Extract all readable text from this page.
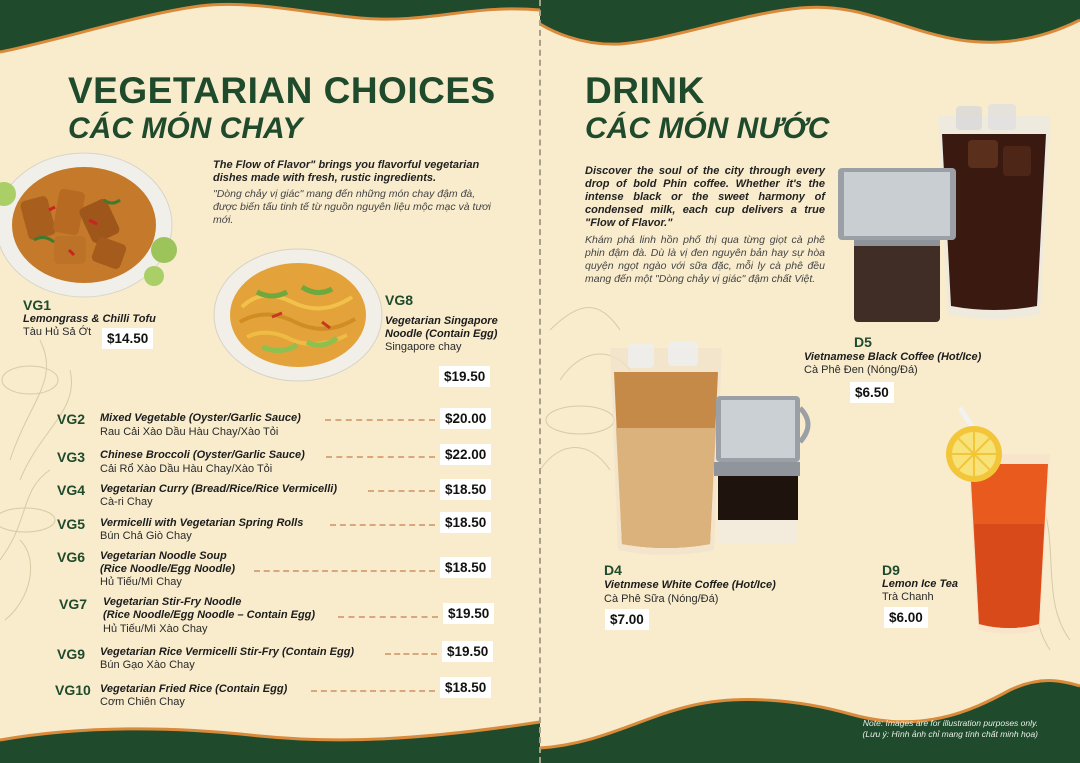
VEGETARIAN CHOICES
CÁC MÓN CHAY
The Flow of Flavor" brings you flavorful vegetarian dishes made with fresh, rustic ingredients.
"Dòng chảy vị giác" mang đến những món chay đậm đà, được biến tấu tinh tế từ nguồn nguyên liệu mộc mạc và tươi mới.
VG1
Lemongrass & Chilli Tofu
Tàu Hủ Sả Ớt	$14.50
VG8
Vegetarian Singapore Noodle (Contain Egg)
Singapore chay
$19.50
VG2 Mixed Vegetable (Oyster/Garlic Sauce)
Rau Cải Xào Dầu Hàu Chay/Xào Tỏi
$20.00
VG3 Chinese Broccoli (Oyster/Garlic Sauce)
Cải Rổ Xào Dầu Hàu Chay/Xào Tỏi
$22.00
VG4 Vegetarian Curry (Bread/Rice/Rice Vermicelli)
Cà-ri Chay
$18.50
VG5 Vermicelli with Vegetarian Spring Rolls
Bún Chả Giò Chay
$18.50
VG6 Vegetarian Noodle Soup
(Rice Noodle/Egg Noodle)
Hủ Tiếu/Mì Chay
$18.50
VG7 Vegetarian Stir-Fry Noodle
(Rice Noodle/Egg Noodle – Contain Egg)
Hủ Tiếu/Mì Xào Chay
$19.50
VG9 Vegetarian Rice Vermicelli Stir-Fry (Contain Egg)
Bún Gạo Xào Chay
$19.50
VG10 Vegetarian Fried Rice (Contain Egg)
Cơm Chiên Chay
$18.50
DRINK
CÁC MÓN NƯỚC
Discover the soul of the city through every drop of bold Phin coffee. Whether it's the intense black or the sweet harmony of condensed milk, each cup delivers a true "Flow of Flavor."
Khám phá linh hồn phố thị qua từng giọt cà phê phin đậm đà. Dù là vị đen nguyên bản hay sự hòa quyện ngọt ngào với sữa đặc, mỗi ly cà phê đều mang đến một "Dòng chảy vị giác" đậm chất Việt.
D5
Vietnamese Black Coffee (Hot/Ice)
Cà Phê Đen (Nóng/Đá)
$6.50
D4
Vietnmese White Coffee (Hot/Ice)
Cà Phê Sữa (Nóng/Đá)
$7.00
D9
Lemon Ice Tea
Trà Chanh
$6.00
Note: Images are for illustration purposes only.
(Lưu ý: Hình ảnh chỉ mang tính chất minh họa)
